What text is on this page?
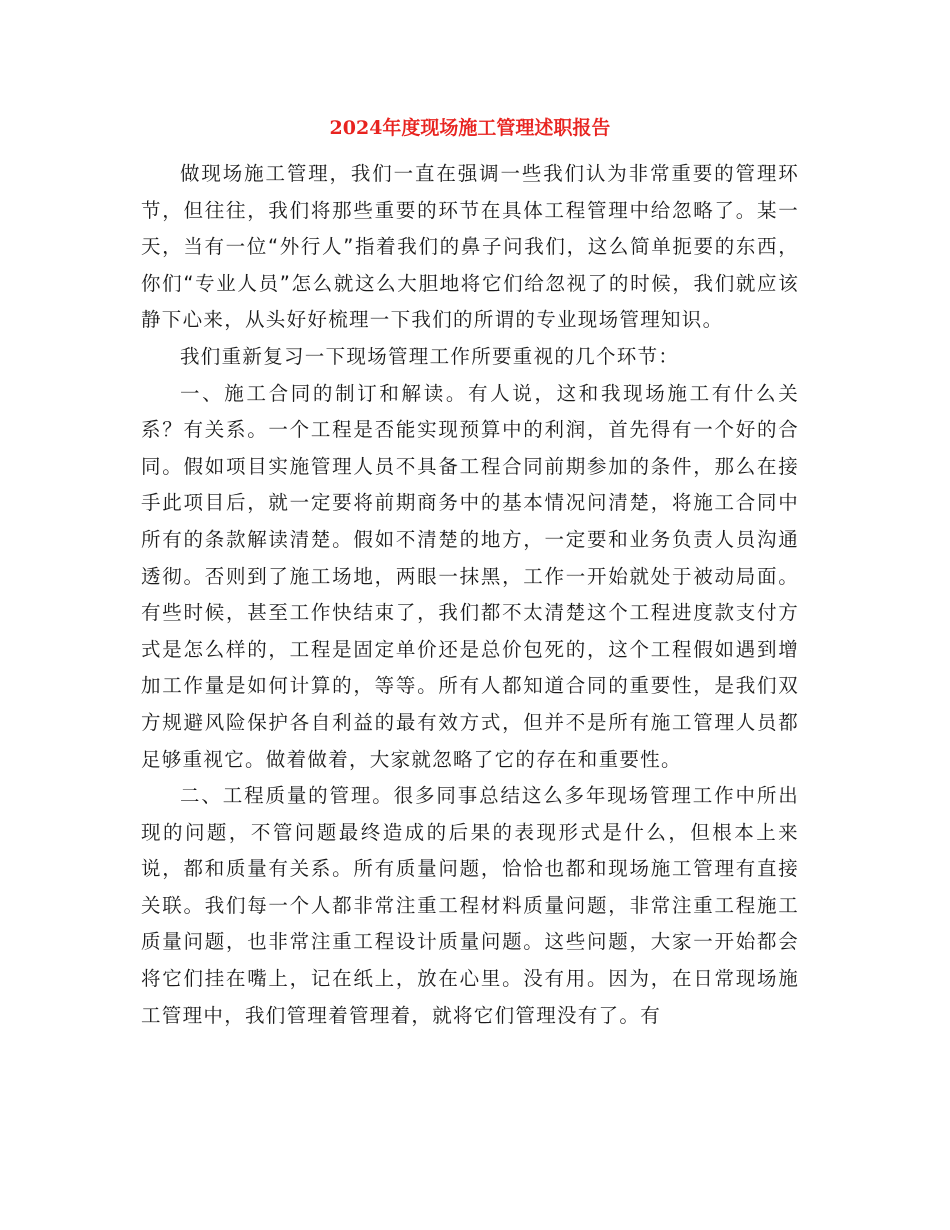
2024年度现场施工管理述职报告

做现场施工管理，我们一直在强调一些我们认为非常重要的管理环节，但往往，我们将那些重要的环节在具体工程管理中给忽略了。某一天，当有一位“外行人”指着我们的鼻子问我们，这么简单扼要的东西，你们“专业人员”怎么就这么大胆地将它们给忽视了的时候，我们就应该静下心来，从头好好梳理一下我们的所谓的专业现场管理知识。

我们重新复习一下现场管理工作所要重视的几个环节：

一、施工合同的制订和解读。有人说，这和我现场施工有什么关系？有关系。一个工程是否能实现预算中的利润，首先得有一个好的合同。假如项目实施管理人员不具备工程合同前期参加的条件，那么在接手此项目后，就一定要将前期商务中的基本情况问清楚，将施工合同中所有的条款解读清楚。假如不清楚的地方，一定要和业务负责人员沟通透彻。否则到了施工场地，两眼一抹黑，工作一开始就处于被动局面。有些时候，甚至工作快结束了，我们都不太清楚这个工程进度款支付方式是怎么样的，工程是固定单价还是总价包死的，这个工程假如遇到增加工作量是如何计算的，等等。所有人都知道合同的重要性，是我们双方规避风险保护各自利益的最有效方式，但并不是所有施工管理人员都足够重视它。做着做着，大家就忽略了它的存在和重要性。

二、工程质量的管理。很多同事总结这么多年现场管理工作中所出现的问题，不管问题最终造成的后果的表现形式是什么，但根本上来说，都和质量有关系。所有质量问题，恰恰也都和现场施工管理有直接关联。我们每一个人都非常注重工程材料质量问题，非常注重工程施工质量问题，也非常注重工程设计质量问题。这些问题，大家一开始都会将它们挂在嘴上，记在纸上，放在心里。没有用。因为，在日常现场施工管理中，我们管理着管理着，就将它们管理没有了。有
